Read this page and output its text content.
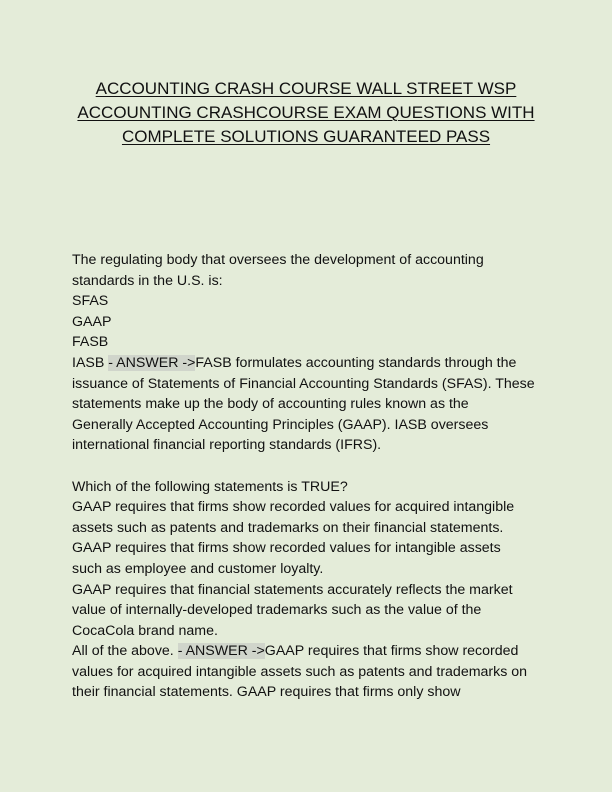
ACCOUNTING CRASH COURSE WALL STREET WSP
ACCOUNTING CRASHCOURSE EXAM QUESTIONS WITH
COMPLETE SOLUTIONS GUARANTEED PASS
The regulating body that oversees the development of accounting
standards in the U.S. is:
SFAS
GAAP
FASB
IASB - ANSWER ->FASB formulates accounting standards through the
issuance of Statements of Financial Accounting Standards (SFAS). These
statements make up the body of accounting rules known as the
Generally Accepted Accounting Principles (GAAP). IASB oversees
international financial reporting standards (IFRS).
Which of the following statements is TRUE?
GAAP requires that firms show recorded values for acquired intangible
assets such as patents and trademarks on their financial statements.
GAAP requires that firms show recorded values for intangible assets
such as employee and customer loyalty.
GAAP requires that financial statements accurately reflects the market
value of internally-developed trademarks such as the value of the
CocaCola brand name.
All of the above. - ANSWER ->GAAP requires that firms show recorded
values for acquired intangible assets such as patents and trademarks on
their financial statements. GAAP requires that firms only show
